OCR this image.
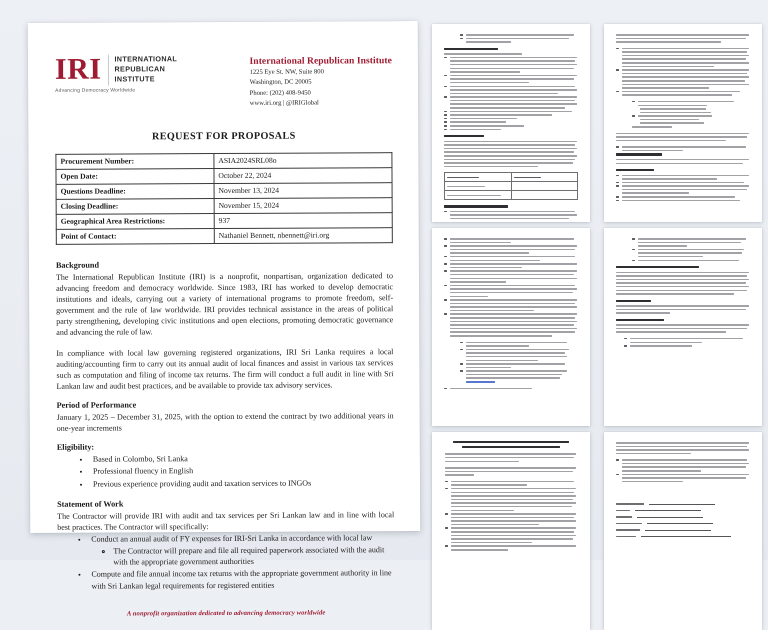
IRI INTERNATIONAL
REPUBLICAN
INSTITUTE
Advancing Democracy Worldwide
International Republican Institute
1225 Eye St. NW, Suite 800
Washington, DC 20005
Phone: (202) 408-9450
www.iri.org | @IRIGlobal
REQUEST FOR PROPOSALS
Procurement Number:	ASIA2024SRL08o
Open Date:	October 22, 2024
Questions Deadline:	November 13, 2024
Closing Deadline:	November 15, 2024
Geographical Area Restrictions:	937
Point of Contact:	Nathaniel Bennett, nbennett@iri.org
Background

The International Republican Institute (IRI) is a nonprofit, nonpartisan, organization dedicated to advancing freedom and democracy worldwide. Since 1983, IRI has worked to develop democratic institutions and ideals, carrying out a variety of international programs to promote freedom, self-government and the rule of law worldwide. IRI provides technical assistance in the areas of political party strengthening, developing civic institutions and open elections, promoting democratic governance and advancing the rule of law.

In compliance with local law governing registered organizations, IRI Sri Lanka requires a local auditing/accounting firm to carry out its annual audit of local finances and assist in various tax services such as computation and filing of income tax returns. The firm will conduct a full audit in line with Sri Lankan law and audit best practices, and be available to provide tax advisory services.

Period of Performance

January 1, 2025 – December 31, 2025, with the option to extend the contract by two additional years in one-year increments

Eligibility:
• Based in Colombo, Sri Lanka
• Professional fluency in English
• Previous experience providing audit and taxation services to INGOs
Statement of Work

The Contractor will provide IRI with audit and tax services per Sri Lankan law and in line with local best practices. The Contractor will specifically:

• Conduct an annual audit of FY expenses for IRI-Sri Lanka in accordance with local law
◦ The Contractor will prepare and file all required paperwork associated with the audit with the appropriate government authorities
• Compute and file annual income tax returns with the appropriate government authority in line with Sri Lankan legal requirements for registered entities
A nonprofit organization dedicated to advancing democracy worldwide
